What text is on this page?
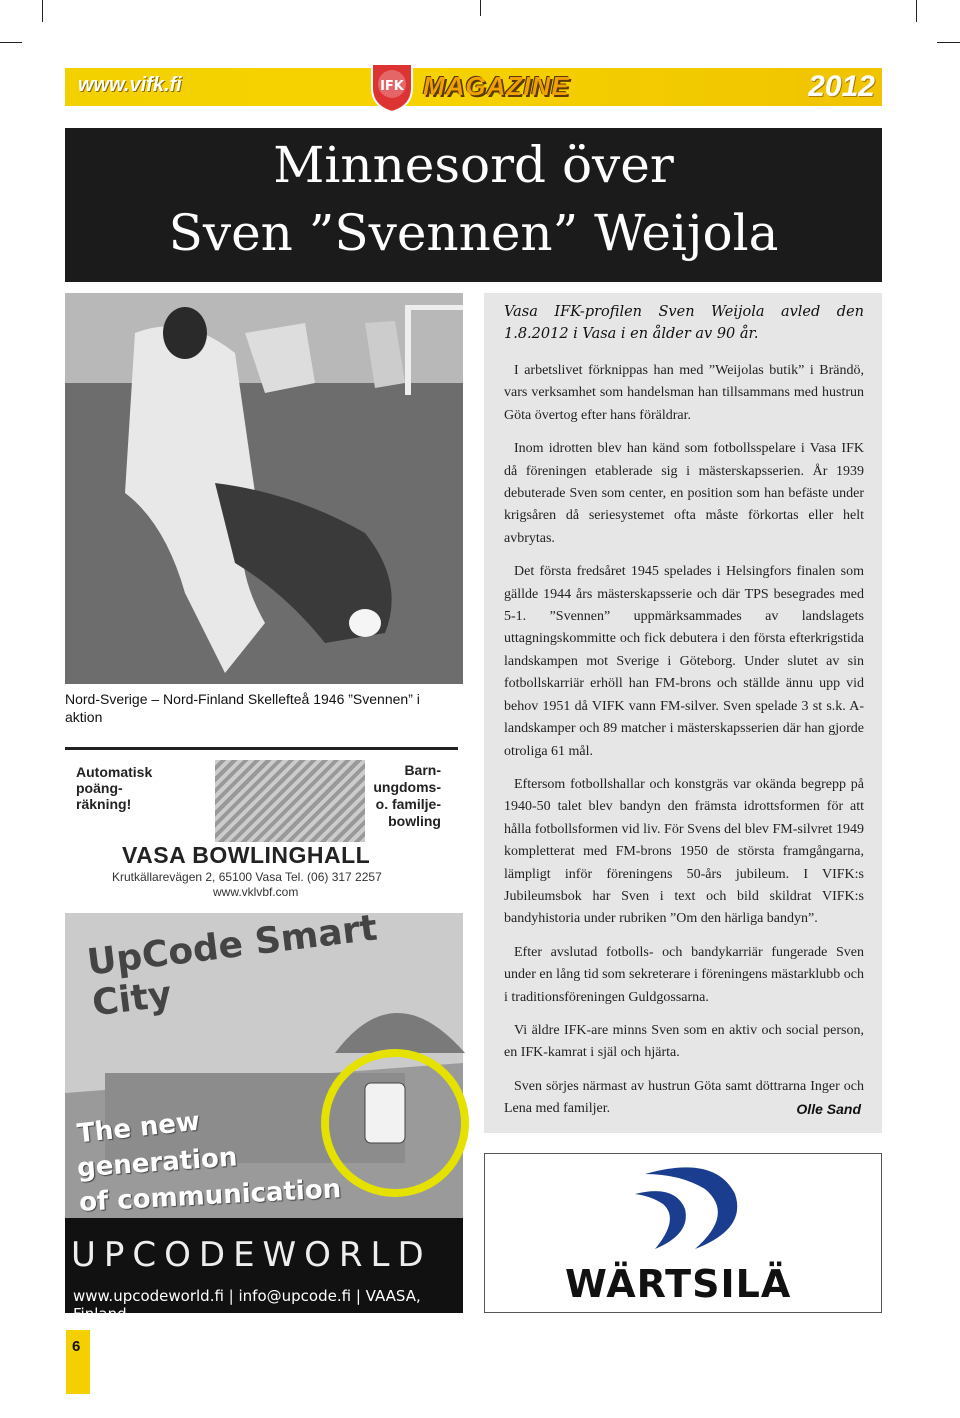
www.vifk.fi	IFK MAGAZINE	2012
Minnesord över
Sven ”Svennen” Weijola
Nord-Sverige – Nord-Finland Skellefteå 1946 ”Svennen” i aktion
Automatisk poäng-räkning!
Barn-ungdoms-o. familje-bowling
VASA BOWLINGHALL
Krutkällarevägen 2, 65100 Vasa Tel. (06) 317 2257
www.vklvbf.com
UpCode Smart City
The new
generation
of communication
UPCODEWORLD
www.upcodeworld.fi | info@upcode.fi | VAASA, Finland
Vasa IFK-profilen Sven Weijola avled den 1.8.2012 i Vasa i en ålder av 90 år.

I arbetslivet förknippas han med ”Weijolas butik” i Brändö, vars verksamhet som handelsman han tillsammans med hustrun Göta övertog efter hans föräldrar.

Inom idrotten blev han känd som fotbollsspelare i Vasa IFK då föreningen etablerade sig i mästerskapsserien. År 1939 debuterade Sven som center, en position som han befäste under krigsåren då seriesystemet ofta måste förkortas eller helt avbrytas.

Det första fredsåret 1945 spelades i Helsingfors finalen som gällde 1944 års mästerskapsserie och där TPS besegrades med 5-1. ”Svennen” uppmärksammades av landslagets uttagningskommitte och fick debutera i den första efterkrigstida landskampen mot Sverige i Göteborg. Under slutet av sin fotbollskarriär erhöll han FM-brons och ställde ännu upp vid behov 1951 då VIFK vann FM-silver. Sven spelade 3 st s.k. A-landskamper och 89 matcher i mästerskapsserien där han gjorde otroliga 61 mål.

Eftersom fotbollshallar och konstgräs var okända begrepp på 1940-50 talet blev bandyn den främsta idrottsformen för att hålla fotbollsformen vid liv. För Svens del blev FM-silvret 1949 kompletterat med FM-brons 1950 de största framgångarna, lämpligt inför föreningens 50-års jubileum. I VIFK:s Jubileumsbok har Sven i text och bild skildrat VIFK:s bandyhistoria under rubriken ”Om den härliga bandyn”.

Efter avslutad fotbolls- och bandykarriär fungerade Sven under en lång tid som sekreterare i föreningens mästarklubb och i traditionsföreningen Guldgossarna.

Vi äldre IFK-are minns Sven som en aktiv och social person, en IFK-kamrat i själ och hjärta.

Sven sörjes närmast av hustrun Göta samt döttrarna Inger och Lena med familjer.	Olle Sand
WÄRTSILÄ
6
